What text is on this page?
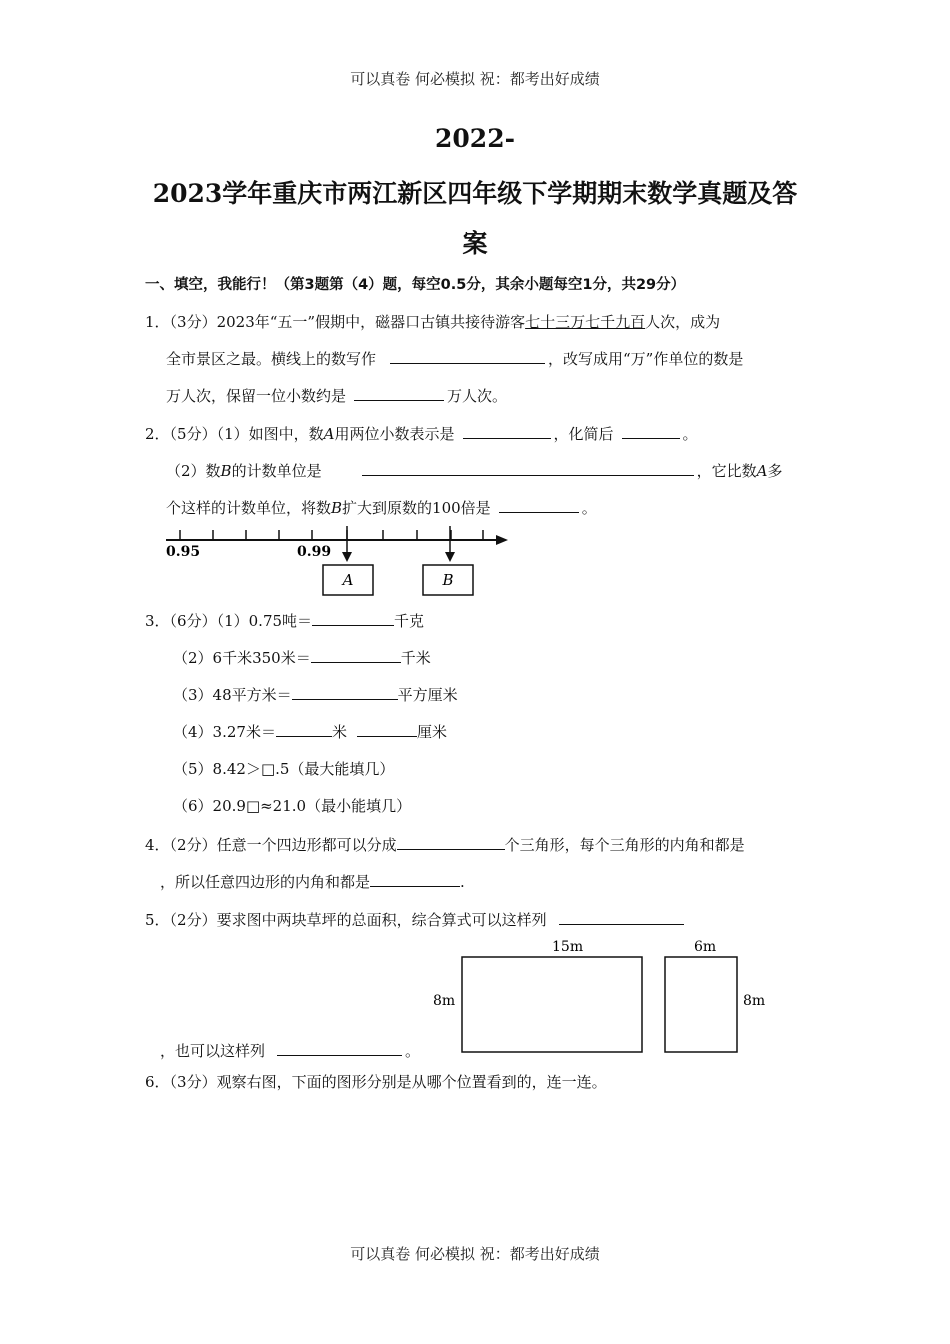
可以真卷 何必模拟 祝：都考出好成绩
2022-
2023学年重庆市两江新区四年级下学期期末数学真题及答
案
一、填空，我能行！（第3题第（4）题，每空0.5分，其余小题每空1分，共29分）
1．（3分）2023年“五一”假期中，磁器口古镇共接待游客七十三万七千九百人次，成为
全市景区之最。横线上的数写作	，改写成用“万”作单位的数是
万人次，保留一位小数约是	万人次。
2．（5分）（1）如图中，数A用两位小数表示是	，化简后	。
（2）数B的计数单位是	，它比数A多
个这样的计数单位，将数B扩大到原数的100倍是	。
0.95	0.99
A	B
3．（6分）（1）0.75吨＝	千克
（2）6千米350米＝	千米
（3）48平方米＝	平方厘米
（4）3.27米＝	米	厘米
（5）8.42＞□.5（最大能填几）
（6）20.9□≈21.0（最小能填几）
4．（2分）任意一个四边形都可以分成	个三角形，每个三角形的内角和都是
，所以任意四边形的内角和都是	.
5．（2分）要求图中两块草坪的总面积，综合算式可以这样列
15m
8m
6m
8m
，也可以这样列	。
6．（3分）观察右图，下面的图形分别是从哪个位置看到的，连一连。
可以真卷 何必模拟 祝：都考出好成绩
